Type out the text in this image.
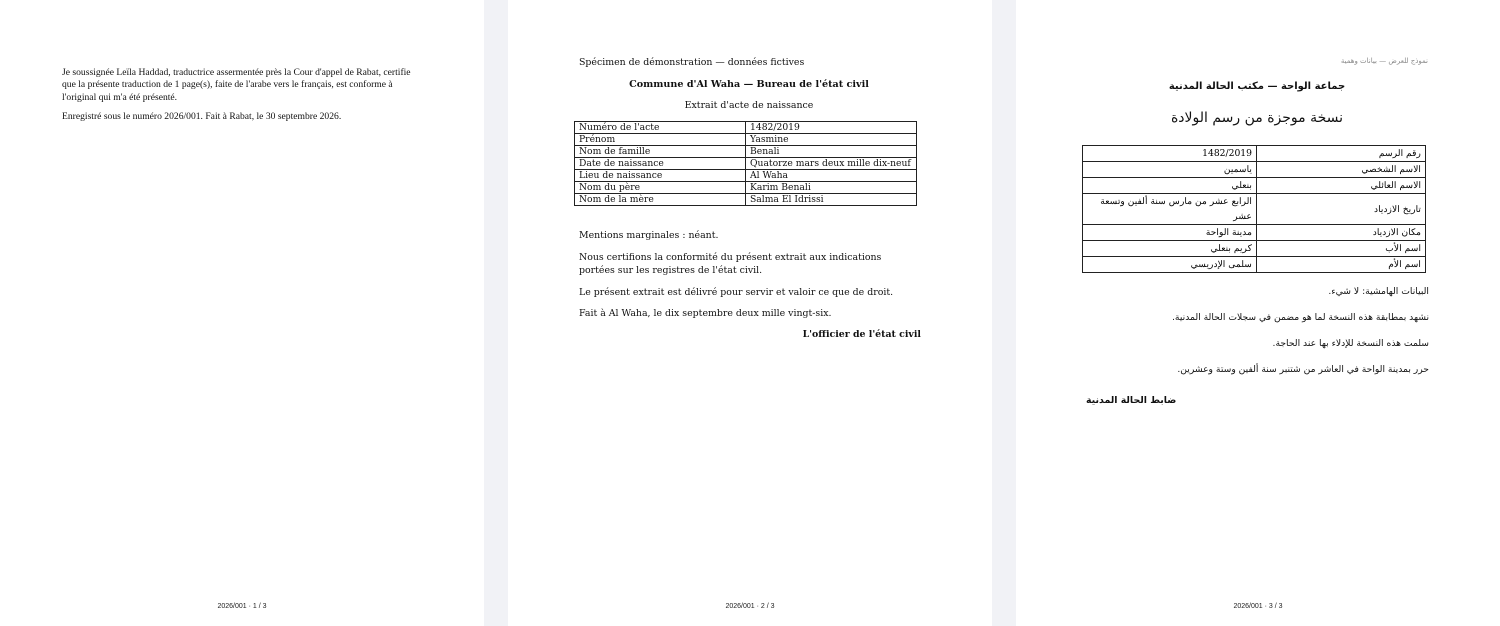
Je soussignée Leïla Haddad, traductrice assermentée près la Cour d'appel de Rabat, certifie que la présente traduction de 1 page(s), faite de l'arabe vers le français, est conforme à l'original qui m'a été présenté.

Enregistré sous le numéro 2026/001. Fait à Rabat, le 30 septembre 2026.

2026/001 · 1 / 3
Spécimen de démonstration — données fictives
Commune d'Al Waha — Bureau de l'état civil
Extrait d'acte de naissance
Numéro de l'acte	1482/2019
Prénom	Yasmine
Nom de famille	Benali
Date de naissance	Quatorze mars deux mille dix-neuf
Lieu de naissance	Al Waha
Nom du père	Karim Benali
Nom de la mère	Salma El Idrissi

Mentions marginales : néant.

Nous certifions la conformité du présent extrait aux indications portées sur les registres de l'état civil.

Le présent extrait est délivré pour servir et valoir ce que de droit.

Fait à Al Waha, le dix septembre deux mille vingt-six.

L'officier de l'état civil
2026/001 · 2 / 3
نموذج للعرض — بيانات وهمية
جماعة الواحة — مكتب الحالة المدنية
نسخة موجزة من رسم الولادة
رقم الرسم	1482/2019
الاسم الشخصي	ياسمين
الاسم العائلي	بنعلي
تاريخ الازدياد	الرابع عشر من مارس سنة ألفين وتسعة عشر
مكان الازدياد	مدينة الواحة
اسم الأب	كريم بنعلي
اسم الأم	سلمى الإدريسي

البيانات الهامشية: لا شيء.

نشهد بمطابقة هذه النسخة لما هو مضمن في سجلات الحالة المدنية.

سلمت هذه النسخة للإدلاء بها عند الحاجة.

حرر بمدينة الواحة في العاشر من شتنبر سنة ألفين وستة وعشرين.

ضابط الحالة المدنية
2026/001 · 3 / 3
